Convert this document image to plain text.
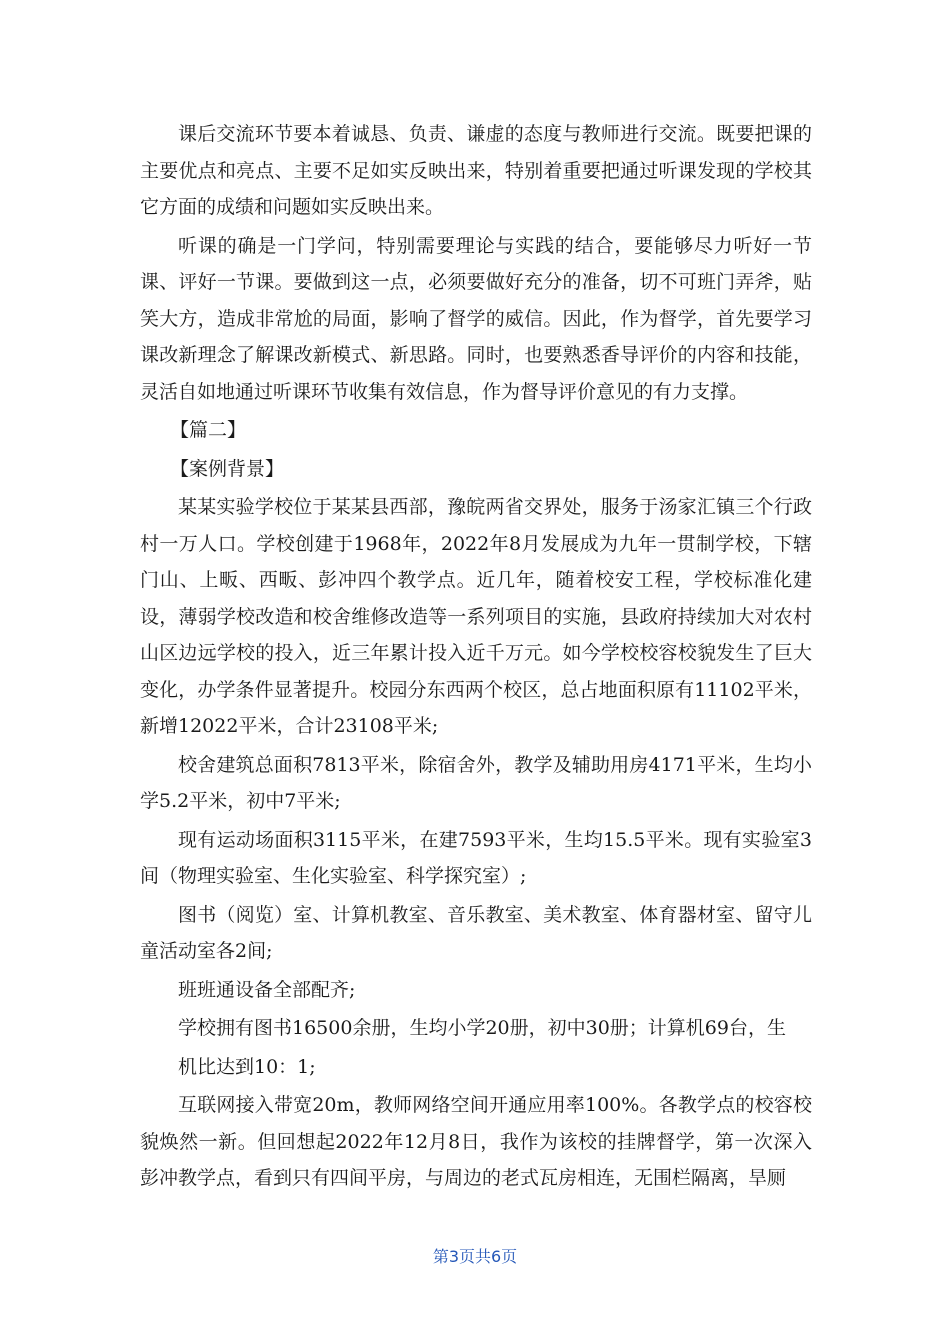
课后交流环节要本着诚恳、负责、谦虚的态度与教师进行交流。既要把课的主要优点和亮点、主要不足如实反映出来，特别着重要把通过听课发现的学校其它方面的成绩和问题如实反映出来。

听课的确是一门学问，特别需要理论与实践的结合，要能够尽力听好一节课、评好一节课。要做到这一点，必须要做好充分的准备，切不可班门弄斧，贴笑大方，造成非常尬的局面，影响了督学的威信。因此，作为督学，首先要学习课改新理念了解课改新模式、新思路。同时，也要熟悉香导评价的内容和技能，灵活自如地通过听课环节收集有效信息，作为督导评价意见的有力支撑。

【篇二】

【案例背景】

某某实验学校位于某某县西部，豫皖两省交界处，服务于汤家汇镇三个行政村一万人口。学校创建于1968年，2022年8月发展成为九年一贯制学校，下辖门山、上畈、西畈、彭冲四个教学点。近几年，随着校安工程，学校标准化建设，薄弱学校改造和校舍维修改造等一系列项目的实施，县政府持续加大对农村山区边远学校的投入，近三年累计投入近千万元。如今学校校容校貌发生了巨大变化，办学条件显著提升。校园分东西两个校区，总占地面积原有11102平米，新增12022平米，合计23108平米;

校舍建筑总面积7813平米，除宿舍外，教学及辅助用房4171平米，生均小学5.2平米，初中7平米;

现有运动场面积3115平米，在建7593平米，生均15.5平米。现有实验室3间（物理实验室、生化实验室、科学探究室）;

图书（阅览）室、计算机教室、音乐教室、美术教室、体育器材室、留守儿童活动室各2间;

班班通设备全部配齐;

学校拥有图书16500余册，生均小学20册，初中30册；计算机69台，生

机比达到10：1;

互联网接入带宽20m，教师网络空间开通应用率100%。各教学点的校容校貌焕然一新。但回想起2022年12月8日，我作为该校的挂牌督学，第一次深入彭冲教学点，看到只有四间平房，与周边的老式瓦房相连，无围栏隔离，旱厕

第3页共6页
